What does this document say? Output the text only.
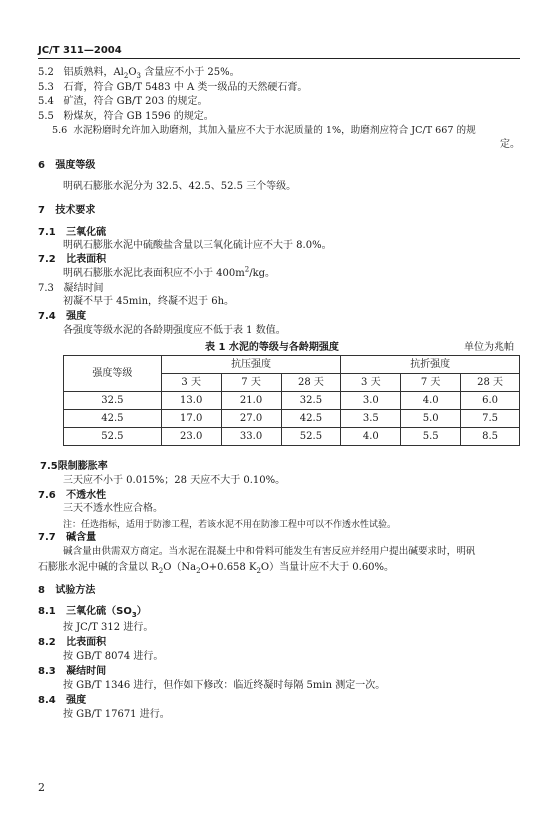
JC/T 311—2004
5.2 铝质熟料，$Al_2O_3$ 含量应不小于 25%。
5.3 石膏，符合 GB/T 5483 中 A 类一级品的天然硬石膏。
5.4 矿渣，符合 GB/T 203 的规定。
5.5 粉煤灰，符合 GB 1596 的规定。
5.6 水泥粉磨时允许加入助磨剂，其加入量应不大于水泥质量的 1%，助磨剂应符合 JC/T 667 的规
定。
6 强度等级
明矾石膨胀水泥分为 32.5、42.5、52.5 三个等级。
7 技术要求
7.1 三氧化硫
明矾石膨胀水泥中硫酸盐含量以三氧化硫计应不大于 8.0%。
7.2 比表面积
明矾石膨胀水泥比表面积应不小于 $400m^2/kg$。
7.3 凝结时间
初凝不早于 45min，终凝不迟于 6h。
7.4 强度
各强度等级水泥的各龄期强度应不低于表 1 数值。
表 1 水泥的等级与各龄期强度	单位为兆帕
强度等级	抗压强度			抗折强度		
	3 天	7 天	28 天	3 天	7 天	28 天
32.5	13.0	21.0	32.5	3.0	4.0	6.0
42.5	17.0	27.0	42.5	3.5	5.0	7.5
52.5	23.0	33.0	52.5	4.0	5.5	8.5
7.5限制膨胀率
三天应不小于 0.015%；28 天应不大于 0.10%。
7.6 不透水性
三天不透水性应合格。
注：任选指标，适用于防渗工程，若该水泥不用在防渗工程中可以不作透水性试验。
7.7 碱含量
碱含量由供需双方商定。当水泥在混凝土中和骨料可能发生有害反应并经用户提出碱要求时，明矾
石膨胀水泥中碱的含量以 $R_2O(Na_2O+0.658$ $K_2O$）当量计应不大于 0.60%。
8 试验方法
8.1 三氧化硫$(SO_3)$
按 JC/T 312 进行。
8.2 比表面积
按 GB/T 8074 进行。
8.3 凝结时间
按 GB/T 1346 进行，但作如下修改：临近终凝时每隔 5min 测定一次。
8.4 强度
按 GB/T 17671 进行。
2
